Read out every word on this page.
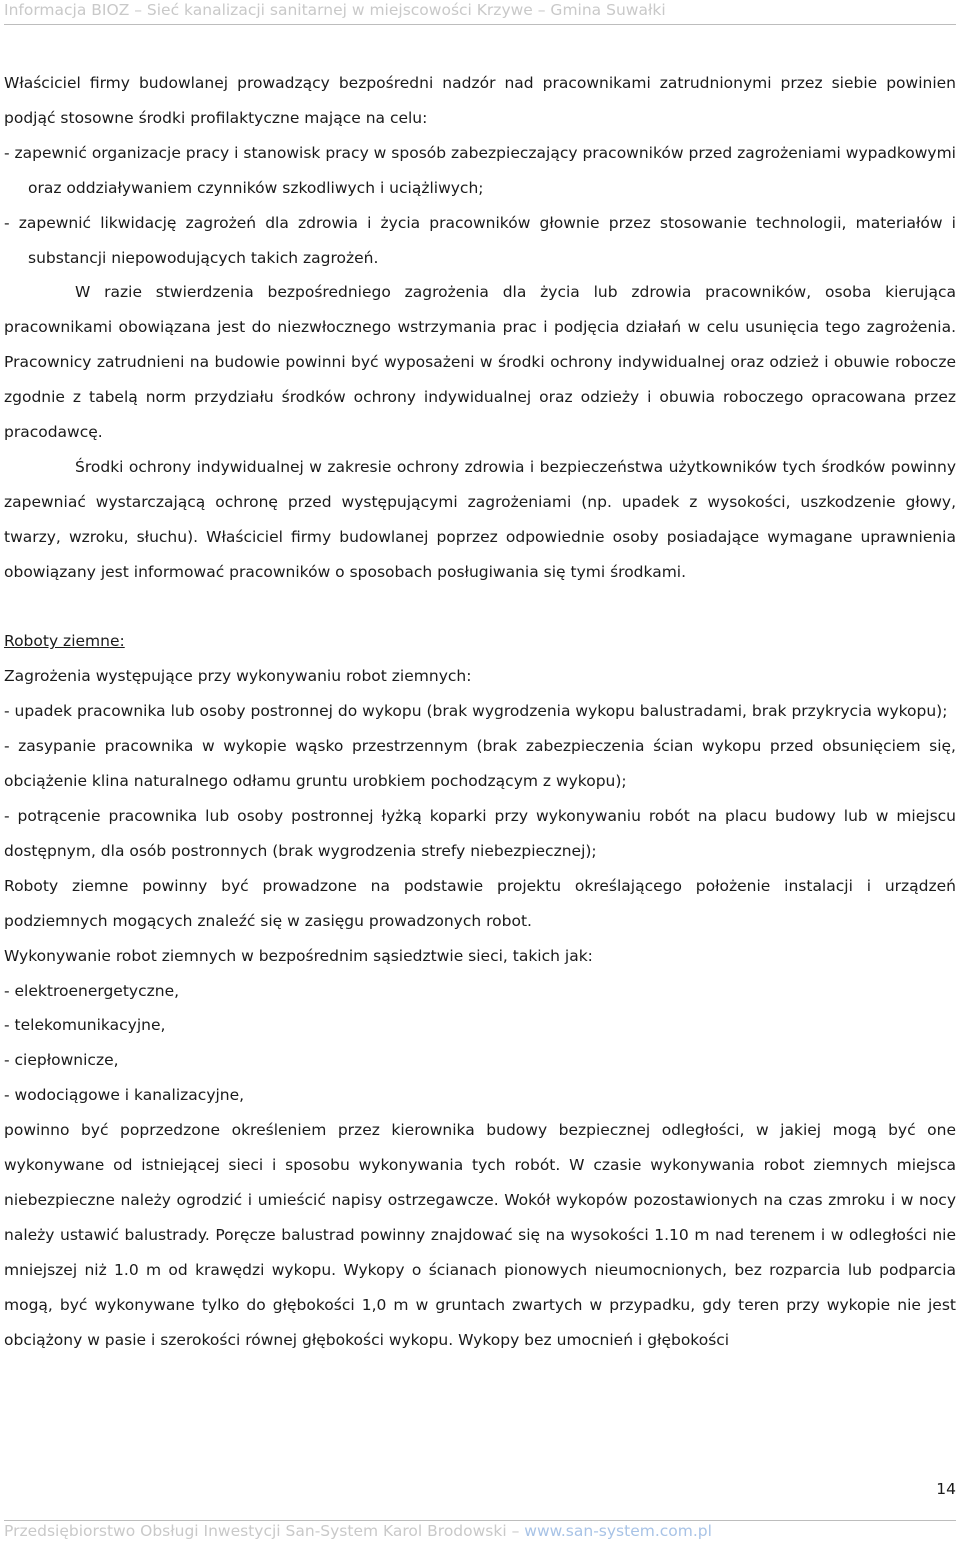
Informacja BIOZ – Sieć kanalizacji sanitarnej w miejscowości Krzywe – Gmina Suwałki

Właściciel firmy budowlanej prowadzący bezpośredni nadzór nad pracownikami zatrudnionymi przez siebie powinien podjąć stosowne środki profilaktyczne mające na celu:

- zapewnić organizacje pracy i stanowisk pracy w sposób zabezpieczający pracowników przed zagrożeniami wypadkowymi oraz oddziaływaniem czynników szkodliwych i uciążliwych;

- zapewnić likwidację zagrożeń dla zdrowia i życia pracowników głownie przez stosowanie technologii, materiałów i substancji niepowodujących takich zagrożeń.

W razie stwierdzenia bezpośredniego zagrożenia dla życia lub zdrowia pracowników, osoba kierująca pracownikami obowiązana jest do niezwłocznego wstrzymania prac i podjęcia działań w celu usunięcia tego zagrożenia. Pracownicy zatrudnieni na budowie powinni być wyposażeni w środki ochrony indywidualnej oraz odzież i obuwie robocze zgodnie z tabelą norm przydziału środków ochrony indywidualnej oraz odzieży i obuwia roboczego opracowana przez pracodawcę.

Środki ochrony indywidualnej w zakresie ochrony zdrowia i bezpieczeństwa użytkowników tych środków powinny zapewniać wystarczającą ochronę przed występującymi zagrożeniami (np. upadek z wysokości, uszkodzenie głowy, twarzy, wzroku, słuchu). Właściciel firmy budowlanej poprzez odpowiednie osoby posiadające wymagane uprawnienia obowiązany jest informować pracowników o sposobach posługiwania się tymi środkami.

Roboty ziemne:

Zagrożenia występujące przy wykonywaniu robot ziemnych:

- upadek pracownika lub osoby postronnej do wykopu (brak wygrodzenia wykopu balustradami, brak przykrycia wykopu);

- zasypanie pracownika w wykopie wąsko przestrzennym (brak zabezpieczenia ścian wykopu przed obsunięciem się, obciążenie klina naturalnego odłamu gruntu urobkiem pochodzącym z wykopu);

- potrącenie pracownika lub osoby postronnej łyżką koparki przy wykonywaniu robót na placu budowy lub w miejscu dostępnym, dla osób postronnych (brak wygrodzenia strefy niebezpiecznej);

Roboty ziemne powinny być prowadzone na podstawie projektu określającego położenie instalacji i urządzeń podziemnych mogących znaleźć się w zasięgu prowadzonych robot.

Wykonywanie robot ziemnych w bezpośrednim sąsiedztwie sieci, takich jak:

- elektroenergetyczne,

- telekomunikacyjne,

- ciepłownicze,

- wodociągowe i kanalizacyjne,

powinno być poprzedzone określeniem przez kierownika budowy bezpiecznej odległości, w jakiej mogą być one wykonywane od istniejącej sieci i sposobu wykonywania tych robót. W czasie wykonywania robot ziemnych miejsca niebezpieczne należy ogrodzić i umieścić napisy ostrzegawcze. Wokół wykopów pozostawionych na czas zmroku i w nocy należy ustawić balustrady. Poręcze balustrad powinny znajdować się na wysokości 1.10 m nad terenem i w odległości nie mniejszej niż 1.0 m od krawędzi wykopu. Wykopy o ścianach pionowych nieumocnionych, bez rozparcia lub podparcia mogą, być wykonywane tylko do głębokości 1,0 m w gruntach zwartych w przypadku, gdy teren przy wykopie nie jest obciążony w pasie i szerokości równej głębokości wykopu. Wykopy bez umocnień i głębokości

14
Przedsiębiorstwo Obsługi Inwestycji San-System Karol Brodowski – www.san-system.com.pl
